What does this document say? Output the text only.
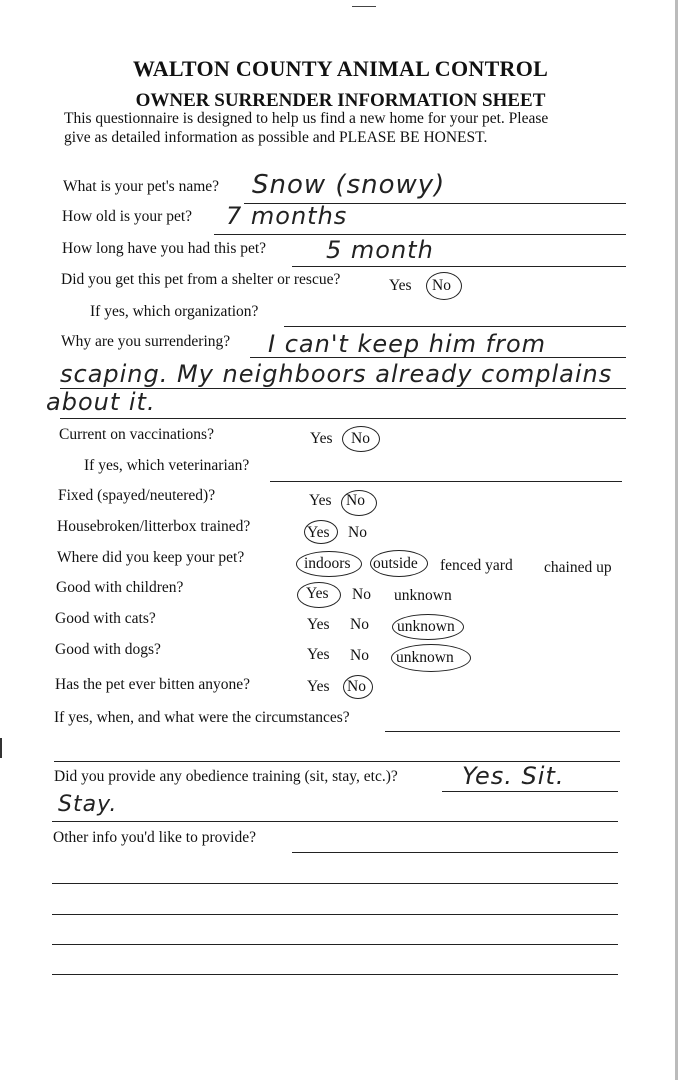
WALTON COUNTY ANIMAL CONTROL
OWNER SURRENDER INFORMATION SHEET
This questionnaire is designed to help us find a new home for your pet. Please
give as detailed information as possible and PLEASE BE HONEST.
What is your pet's name? Snow (snowy)
How old is your pet? 7 months
How long have you had this pet? 5 month
Did you get this pet from a shelter or rescue?	Yes No
If yes, which organization?
Why are you surrendering? I can't keep him from
scaping. My neighboors already complains
about it.
Current on vaccinations?	Yes No
If yes, which veterinarian?
Fixed (spayed/neutered)?	Yes No
Housebroken/litterbox trained?	Yes No
Where did you keep your pet?	indoors outside fenced yard chained up
Good with children?	Yes No unknown
Good with cats?	Yes No unknown
Good with dogs?	Yes No unknown
Has the pet ever bitten anyone?	Yes No
If yes, when, and what were the circumstances?
Did you provide any obedience training (sit, stay, etc.)?	Yes. Sit.
Stay.
Other info you'd like to provide?
